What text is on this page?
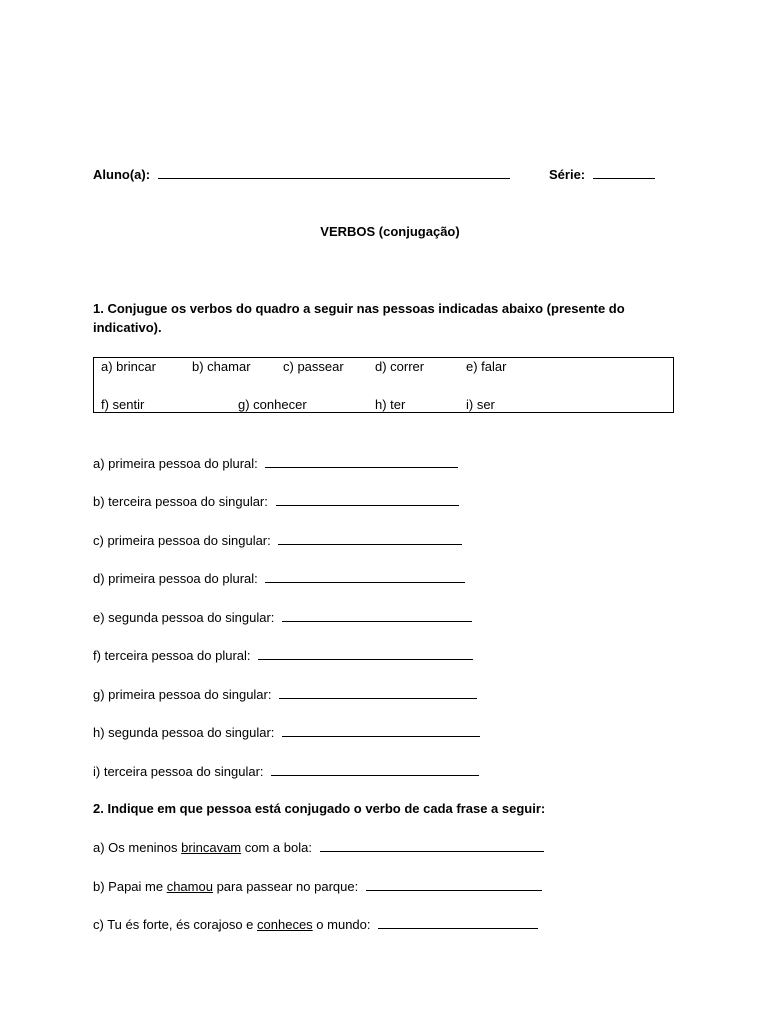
Aluno(a):	Série:
VERBOS (conjugação)
1. Conjugue os verbos do quadro a seguir nas pessoas indicadas abaixo (presente do
indicativo).
a) brincar	b) chamar c) passear d) correr	e) falar
f) sentir	g) conhecer	h) ter	i) ser
a) primeira pessoa do plural:
b) terceira pessoa do singular:
c) primeira pessoa do singular:
d) primeira pessoa do plural:
e) segunda pessoa do singular:
f) terceira pessoa do plural:
g) primeira pessoa do singular:
h) segunda pessoa do singular:
i) terceira pessoa do singular:
2. Indique em que pessoa está conjugado o verbo de cada frase a seguir:
a) Os meninos brincavam com a bola:
b) Papai me chamou para passear no parque:
c) Tu és forte, és corajoso e conheces o mundo:
